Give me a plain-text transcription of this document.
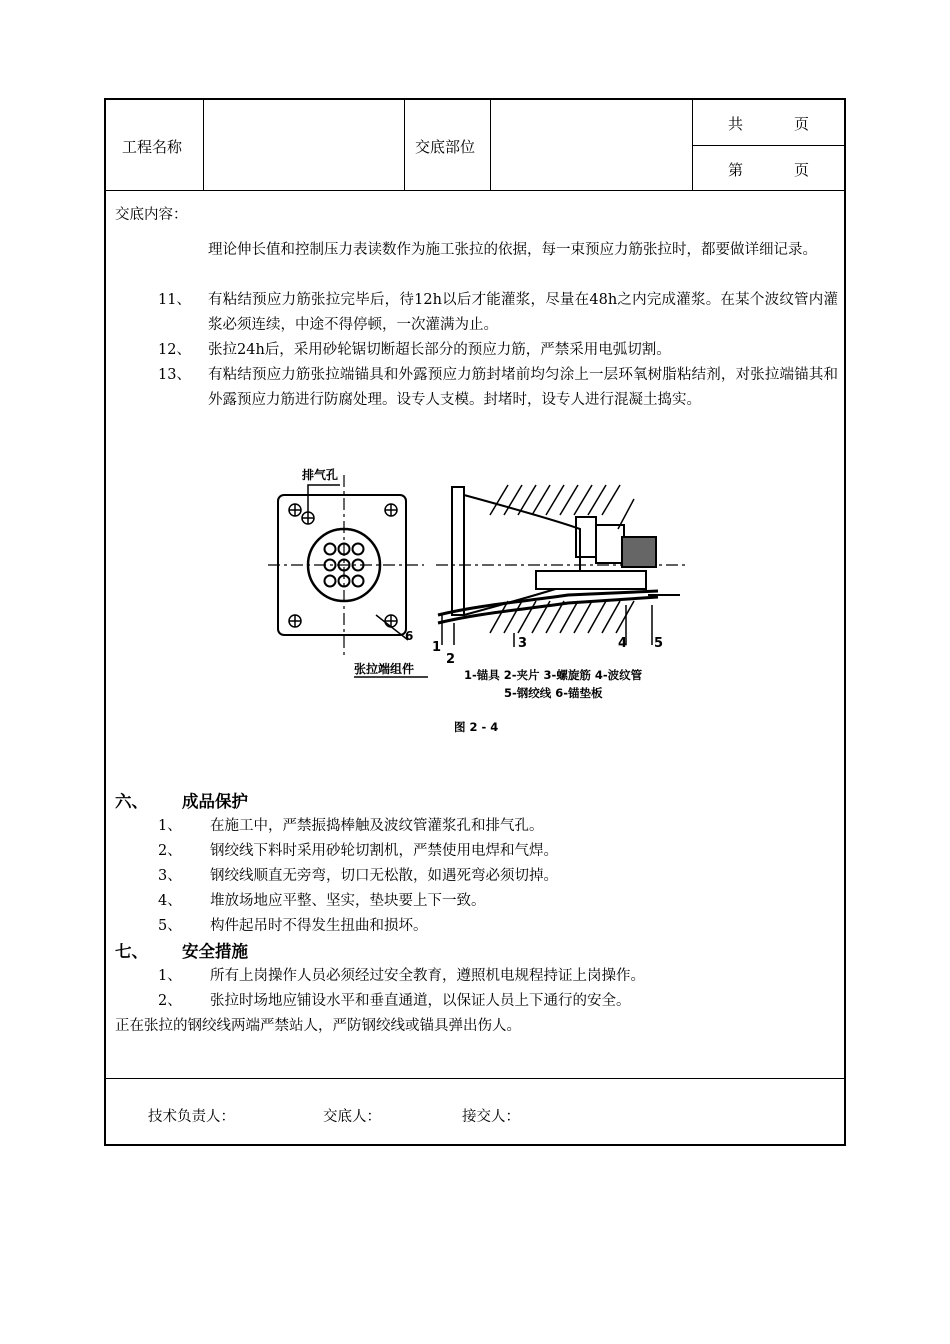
工程名称	交底部位
共	页
第	页
交底内容：
理论伸长值和控制压力表读数作为施工张拉的依据，每一束预应力筋张拉时，都要做详细记录。
11、 有粘结预应力筋张拉完毕后，待12h以后才能灌浆，尽量在48h之内完成灌浆。在某个波纹管内灌浆必须连续，中途不得停顿，一次灌满为止。
12、 张拉24h后，采用砂轮锯切断超长部分的预应力筋，严禁采用电弧切割。
13、 有粘结预应力筋张拉端锚具和外露预应力筋封堵前均匀涂上一层环氧树脂粘结剂，对张拉端锚其和外露预应力筋进行防腐处理。设专人支模。封堵时，设专人进行混凝土捣实。
排气孔
6
张拉端组件
1
2
3	4 5
1-锚具 2-夹片 3-螺旋筋 4-波纹管
5-钢绞线 6-锚垫板
图 2 - 4
六、 成品保护
1、 在施工中，严禁振捣棒触及波纹管灌浆孔和排气孔。
2、 钢绞线下料时采用砂轮切割机，严禁使用电焊和气焊。
3、 钢绞线顺直无旁弯，切口无松散，如遇死弯必须切掉。
4、 堆放场地应平整、坚实，垫块要上下一致。
5、 构件起吊时不得发生扭曲和损坏。
七、 安全措施
1、 所有上岗操作人员必须经过安全教育，遵照机电规程持证上岗操作。
2、 张拉时场地应铺设水平和垂直通道，以保证人员上下通行的安全。
正在张拉的钢绞线两端严禁站人，严防钢绞线或锚具弹出伤人。
技术负责人：	交底人：	接交人：
